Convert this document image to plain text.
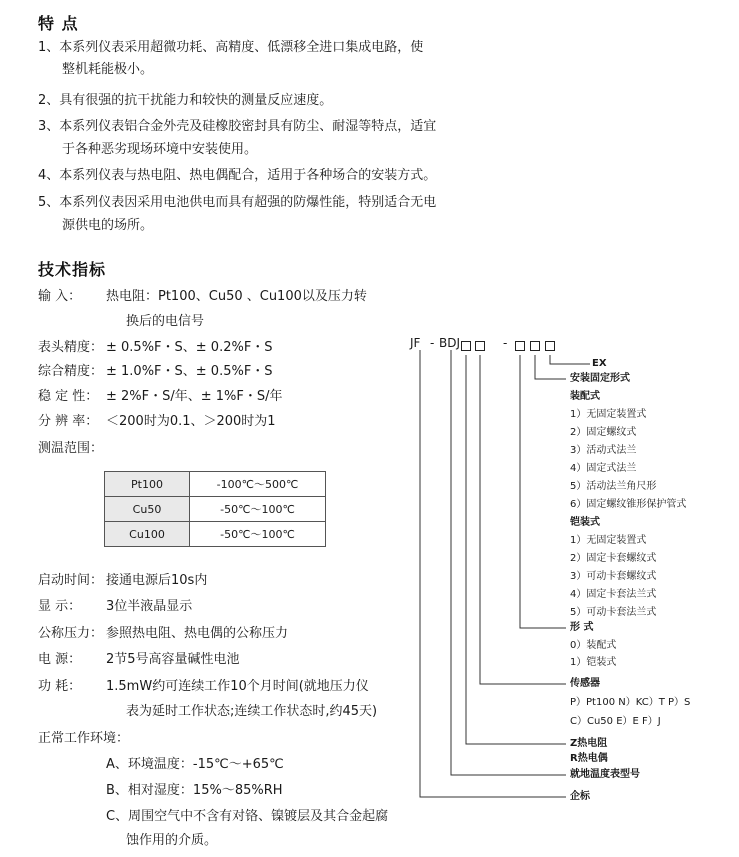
特 点
1、本系列仪表采用超微功耗、高精度、低漂移全进口集成电路，使
整机耗能极小。
2、具有很强的抗干扰能力和较快的测量反应速度。
3、本系列仪表铝合金外壳及硅橡胶密封具有防尘、耐湿等特点，适宜
于各种恶劣现场环境中安装使用。
4、本系列仪表与热电阻、热电偶配合，适用于各种场合的安装方式。
5、本系列仪表因采用电池供电而具有超强的防爆性能，特别适合无电
源供电的场所。
技术指标
输 入： 热电阻：Pt100、Cu50 、Cu100以及压力转
换后的电信号
表头精度： ± 0.5%F・S、± 0.2%F・S
综合精度： ± 1.0%F・S、± 0.5%F・S
稳 定 性： ± 2%F・S/年、± 1%F・S/年
分 辨 率： ＜200时为0.1、＞200时为1
测温范围：
Pt100	-100℃～500℃
Cu50	-50℃～100℃
Cu100	-50℃～100℃
启动时间： 接通电源后10s内
显 示： 3位半液晶显示
公称压力： 参照热电阻、热电偶的公称压力
电 源： 2节5号高容量碱性电池
功 耗： 1.5mW约可连续工作10个月时间(就地压力仪
表为延时工作状态;连续工作状态时,约45天)
正常工作环境：
A、环境温度：-15℃～+65℃
B、相对湿度：15%～85%RH
C、周围空气中不含有对铬、镍镀层及其合金起腐
蚀作用的介质。
JF - BDJ	-
EX
安装固定形式
装配式
1）无固定装置式
2）固定螺纹式
3）活动式法兰
4）固定式法兰
5）活动法兰角尺形
6）固定螺纹锥形保护管式
铠装式
1）无固定装置式
2）固定卡套螺纹式
3）可动卡套螺纹式
4）固定卡套法兰式
5）可动卡套法兰式
形 式
0）装配式
1）铠装式
传感器
P）Pt100 N）KC）T P）S
C）Cu50 E）E F）J
Z热电阻
R热电偶
就地温度表型号
企标
